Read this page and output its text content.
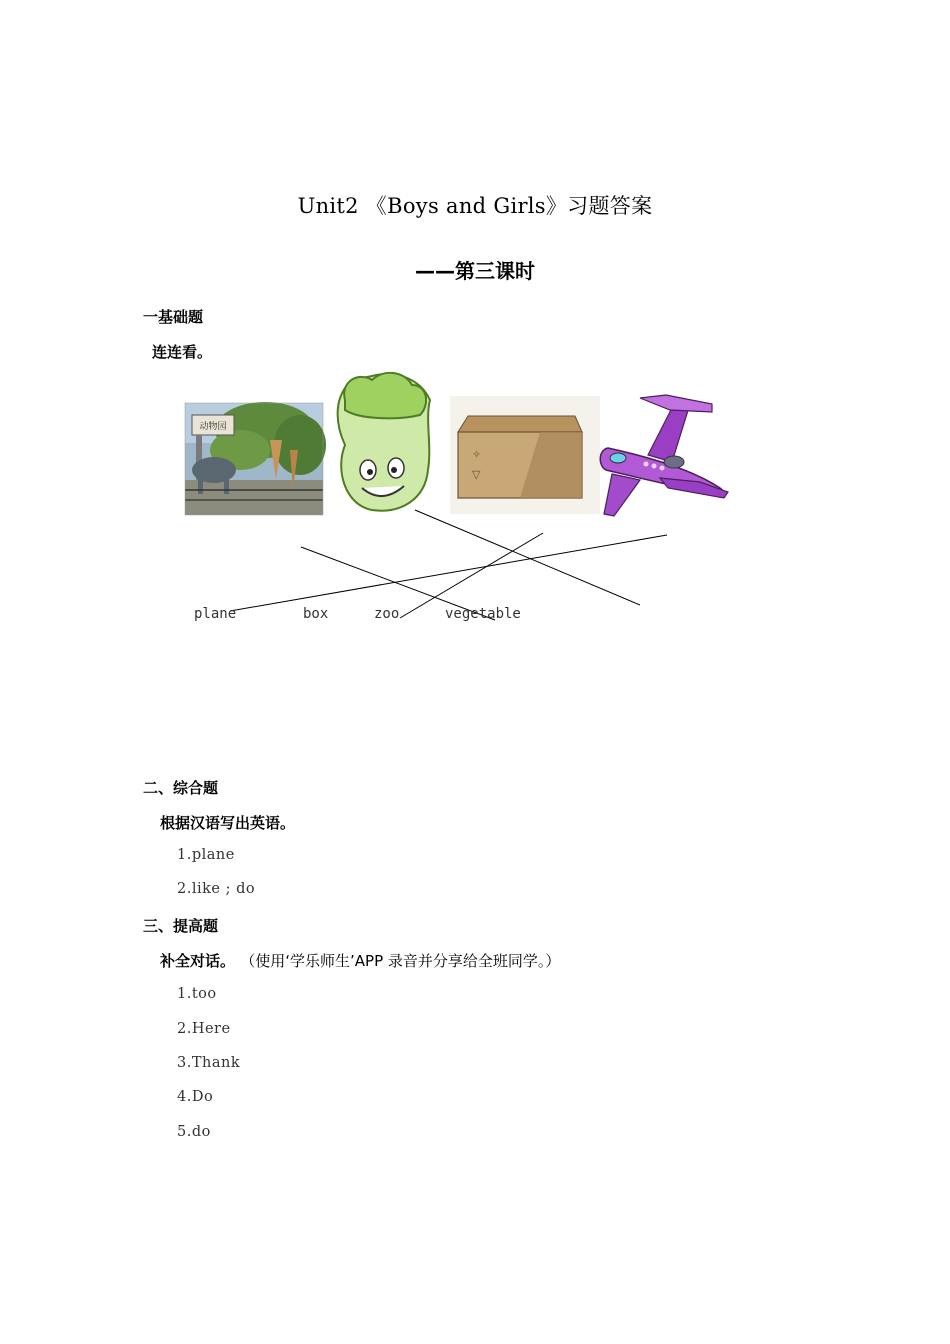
Unit2 《Boys and Girls》习题答案
——第三课时
一基础题
连连看。
动物园
✧
▽
plane	box	zoo	vegetable
二、综合题
根据汉语写出英语。
1.plane
2.like ; do
三、提高题
补全对话。 （使用‘学乐师生’APP 录音并分享给全班同学。）
1.too
2.Here
3.Thank
4.Do
5.do
